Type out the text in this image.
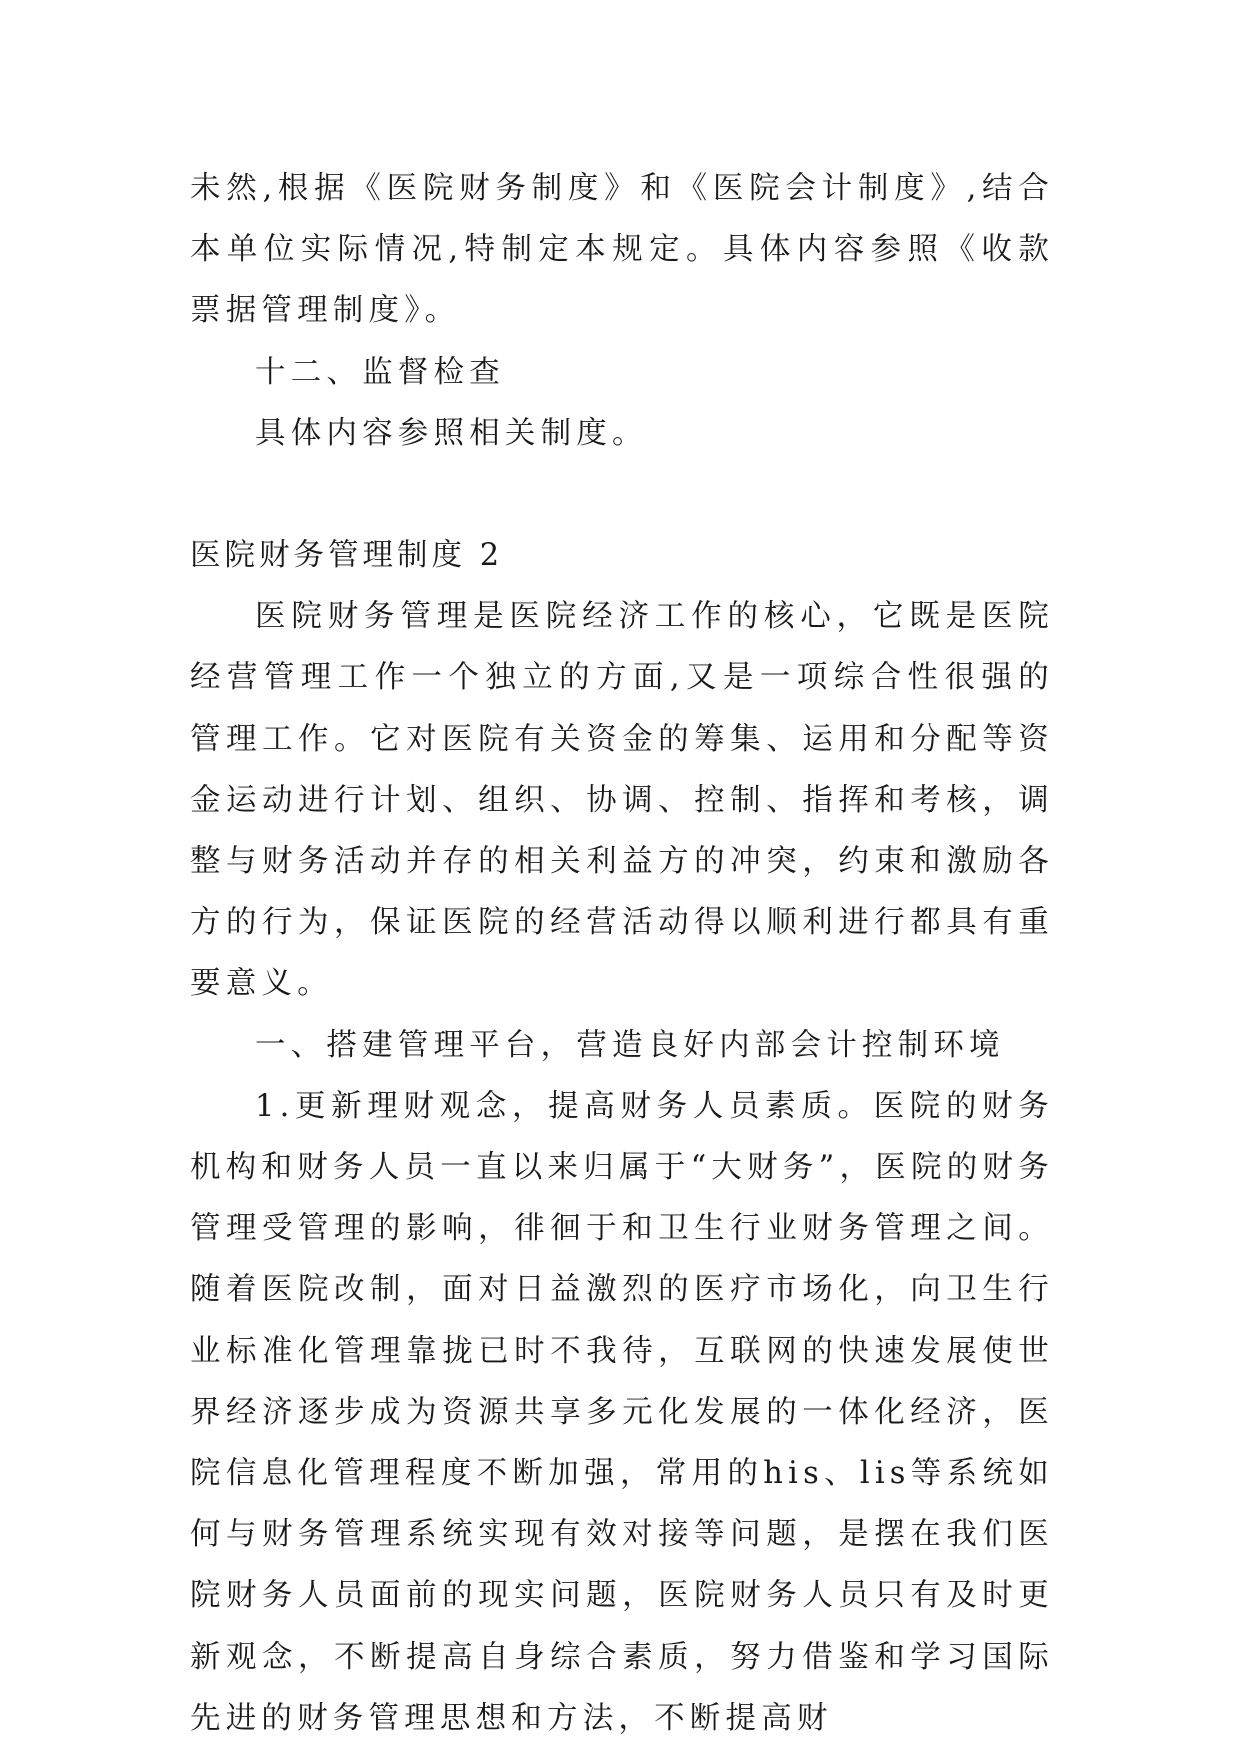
未然,根据《医院财务制度》和《医院会计制度》,结合本单位实际情况,特制定本规定。具体内容参照《收款票据管理制度》。

十二、监督检查

具体内容参照相关制度。

医院财务管理制度 2

医院财务管理是医院经济工作的核心，它既是医院经营管理工作一个独立的方面,又是一项综合性很强的管理工作。它对医院有关资金的筹集、运用和分配等资金运动进行计划、组织、协调、控制、指挥和考核，调整与财务活动并存的相关利益方的冲突，约束和激励各方的行为，保证医院的经营活动得以顺利进行都具有重要意义。

一、搭建管理平台，营造良好内部会计控制环境

1.更新理财观念，提高财务人员素质。医院的财务机构和财务人员一直以来归属于“大财务”，医院的财务管理受管理的影响，徘徊于和卫生行业财务管理之间。随着医院改制，面对日益激烈的医疗市场化，向卫生行业标准化管理靠拢已时不我待，互联网的快速发展使世界经济逐步成为资源共享多元化发展的一体化经济，医院信息化管理程度不断加强，常用的his、lis等系统如何与财务管理系统实现有效对接等问题，是摆在我们医院财务人员面前的现实问题，医院财务人员只有及时更新观念，不断提高自身综合素质，努力借鉴和学习国际先进的财务管理思想和方法，不断提高财
